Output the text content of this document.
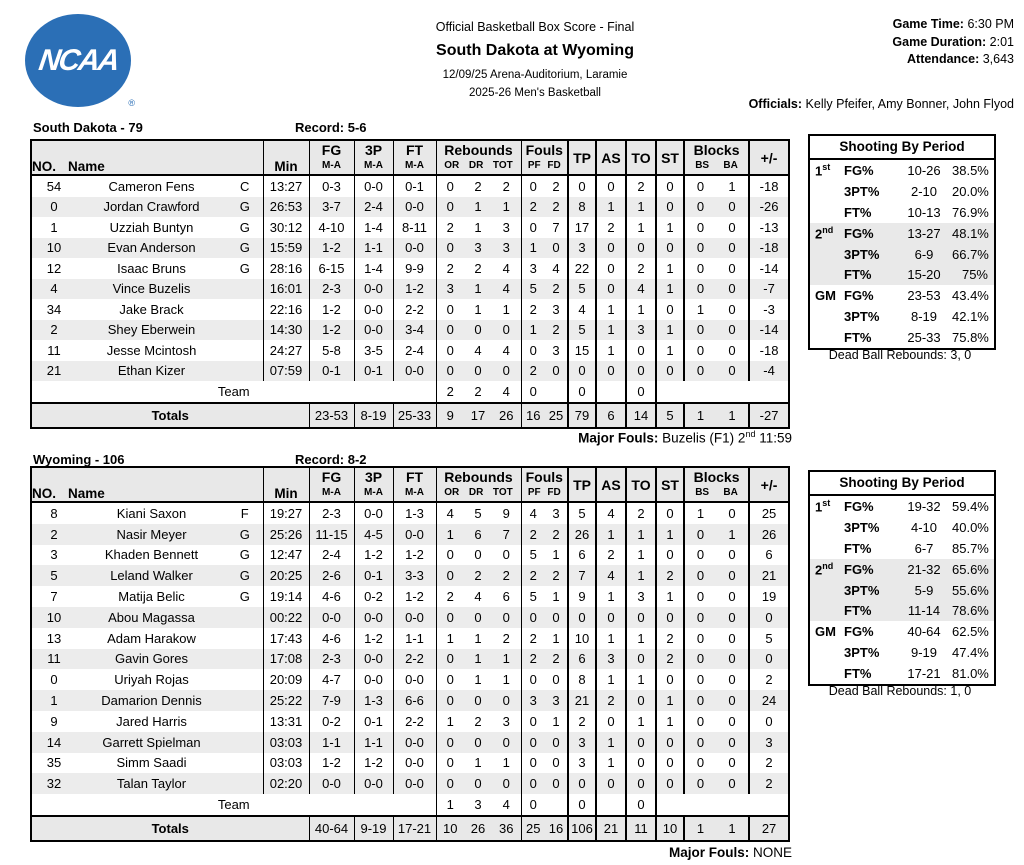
NCAA
®
Official Basketball Box Score - Final
South Dakota at Wyoming
12/09/25 Arena-Auditorium, Laramie
2025-26 Men's Basketball
Game Time: 6:30 PM
Game Duration: 2:01
Attendance: 3,643
Officials: Kelly Pfeifer, Amy Bonner, John Flyod
South Dakota - 79	Record: 5-6
NO. Name	Min	
FG
M-A

3P
M-A

FT
M-A

Rebounds
OR DR TOT

Fouls
PF FD	TP	AS	TO	ST	Blocks
BS BA	+/-
54	Cameron Fens	C	13:27	0-3	0-0	0-1	0	2	2	0	2	0	0	2	0	0	1	-18
0	Jordan Crawford	G	26:53	3-7	2-4	0-0	0	1	1	2	2	8	1	1	0	0	0	-26
1	Uzziah Buntyn	G	30:12	4-10	1-4	8-11	2	1	3	0	7	17	2	1	1	0	0	-13
10	Evan Anderson	G	15:59	1-2	1-1	0-0	0	3	3	1	0	3	0	0	0	0	0	-18
12	Isaac Bruns	G	28:16	6-15	1-4	9-9	2	2	4	3	4	22	0	2	1	0	0	-14
4	Vince Buzelis		16:01	2-3	0-0	1-2	3	1	4	5	2	5	0	4	1	0	0	-7
34	Jake Brack		22:16	1-2	0-0	2-2	0	1	1	2	3	4	1	1	0	1	0	-3
2	Shey Eberwein		14:30	1-2	0-0	3-4	0	0	0	1	2	5	1	3	1	0	0	-14
11	Jesse Mcintosh		24:27	5-8	3-5	2-4	0	4	4	0	3	15	1	0	1	0	0	-18
21	Ethan Kizer		07:59	0-1	0-1	0-0	0	0	0	2	0	0	0	0	0	0	0	-4
Team							2	2	4	0		0		0				
Totals				23-53	8-19	25-33	9	17	26	16	25	79	6	14	5	1	1	-27
Shooting By Period
1st	FG%	10-26 38.5%
3PT%	2-10	20.0%
FT%	10-13 76.9%
2nd FG%	13-27 48.1%
3PT%	6-9	66.7%
FT%	15-20	75%
GM FG%	23-53 43.4%
3PT%	8-19	42.1%
FT%	25-33 75.8%
Dead Ball Rebounds: 3, 0
Major Fouls: Buzelis (F1) 2nd 11:59
Wyoming - 106	Record: 8-2
NO. Name	Min	
FG
M-A

3P
M-A

FT
M-A

Rebounds
OR DR TOT

Fouls
PF FD	TP	AS	TO	ST	Blocks
BS BA	+/-
8	Kiani Saxon	F	19:27	2-3	0-0	1-3	4	5	9	4	3	5	4	2	0	1	0	25
2	Nasir Meyer	G	25:26	11-15	4-5	0-0	1	6	7	2	2	26	1	1	1	0	1	26
3	Khaden Bennett	G	12:47	2-4	1-2	1-2	0	0	0	5	1	6	2	1	0	0	0	6
5	Leland Walker	G	20:25	2-6	0-1	3-3	0	2	2	2	2	7	4	1	2	0	0	21
7	Matija Belic	G	19:14	4-6	0-2	1-2	2	4	6	5	1	9	1	3	1	0	0	19
10	Abou Magassa		00:22	0-0	0-0	0-0	0	0	0	0	0	0	0	0	0	0	0	0
13	Adam Harakow		17:43	4-6	1-2	1-1	1	1	2	2	1	10	1	1	2	0	0	5
11	Gavin Gores		17:08	2-3	0-0	2-2	0	1	1	2	2	6	3	0	2	0	0	0
0	Uriyah Rojas		20:09	4-7	0-0	0-0	0	1	1	0	0	8	1	1	0	0	0	2
1	Damarion Dennis		25:22	7-9	1-3	6-6	0	0	0	3	3	21	2	0	1	0	0	24
9	Jared Harris		13:31	0-2	0-1	2-2	1	2	3	0	1	2	0	1	1	0	0	0
14	Garrett Spielman		03:03	1-1	1-1	0-0	0	0	0	0	0	3	1	0	0	0	0	3
35	Simm Saadi		03:03	1-2	1-2	0-0	0	1	1	0	0	3	1	0	0	0	0	2
32	Talan Taylor		02:20	0-0	0-0	0-0	0	0	0	0	0	0	0	0	0	0	0	2
Team							1	3	4	0		0		0				
Totals				40-64	9-19	17-21	10	26	36	25	16	106	21	11	10	1	1	27
Shooting By Period
1st	FG%	19-32 59.4%
3PT%	4-10	40.0%
FT%	6-7	85.7%
2nd FG%	21-32 65.6%
3PT%	5-9	55.6%
FT%	11-14 78.6%
GM FG%	40-64 62.5%
3PT%	9-19	47.4%
FT%	17-21 81.0%
Dead Ball Rebounds: 1, 0
Major Fouls: NONE
